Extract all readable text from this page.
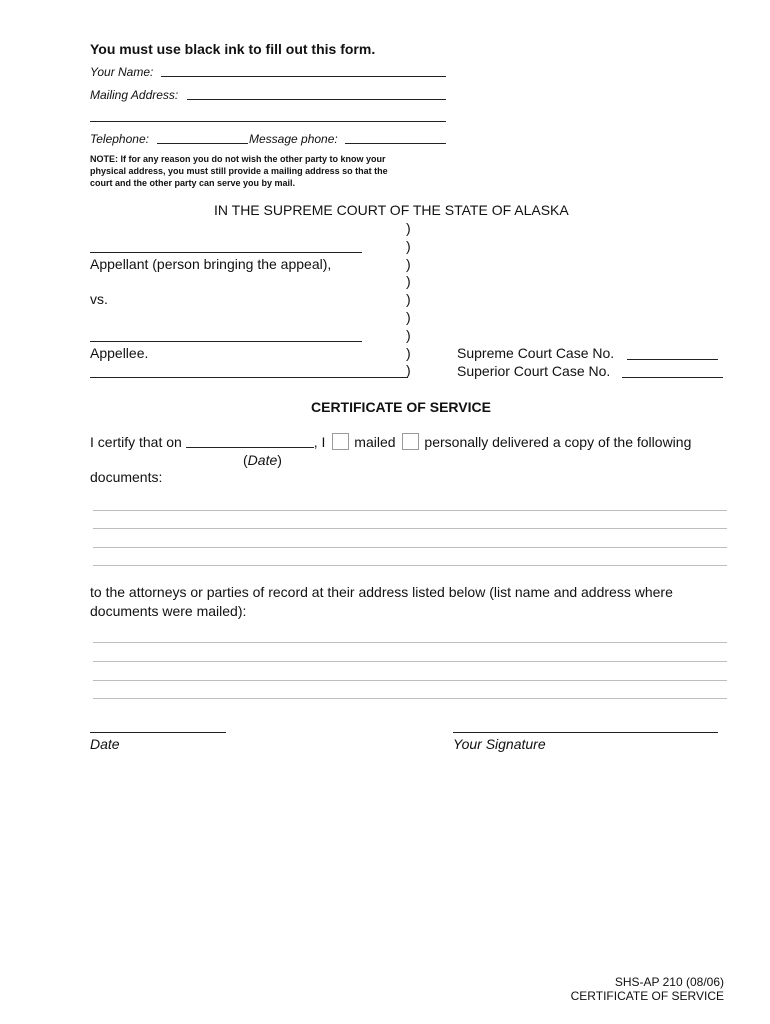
You must use black ink to fill out this form.
Your Name:
Mailing Address:
Telephone:	Message phone:
NOTE: If for any reason you do not wish the other party to know your
physical address, you must still provide a mailing address so that the
court and the other party can serve you by mail.
IN THE SUPREME COURT OF THE STATE OF ALASKA
)
)
)
)
)
)
)
)
)
Appellant (person bringing the appeal),
vs.
Appellee.	Supreme Court Case No.
Superior Court Case No.
CERTIFICATE OF SERVICE
I certify that on	, I mailed personally delivered a copy of the following
(Date)
documents:
to the attorneys or parties of record at their address listed below (list name and address where
documents were mailed):
Date	Your Signature
SHS-AP 210 (08/06)
CERTIFICATE OF SERVICE
